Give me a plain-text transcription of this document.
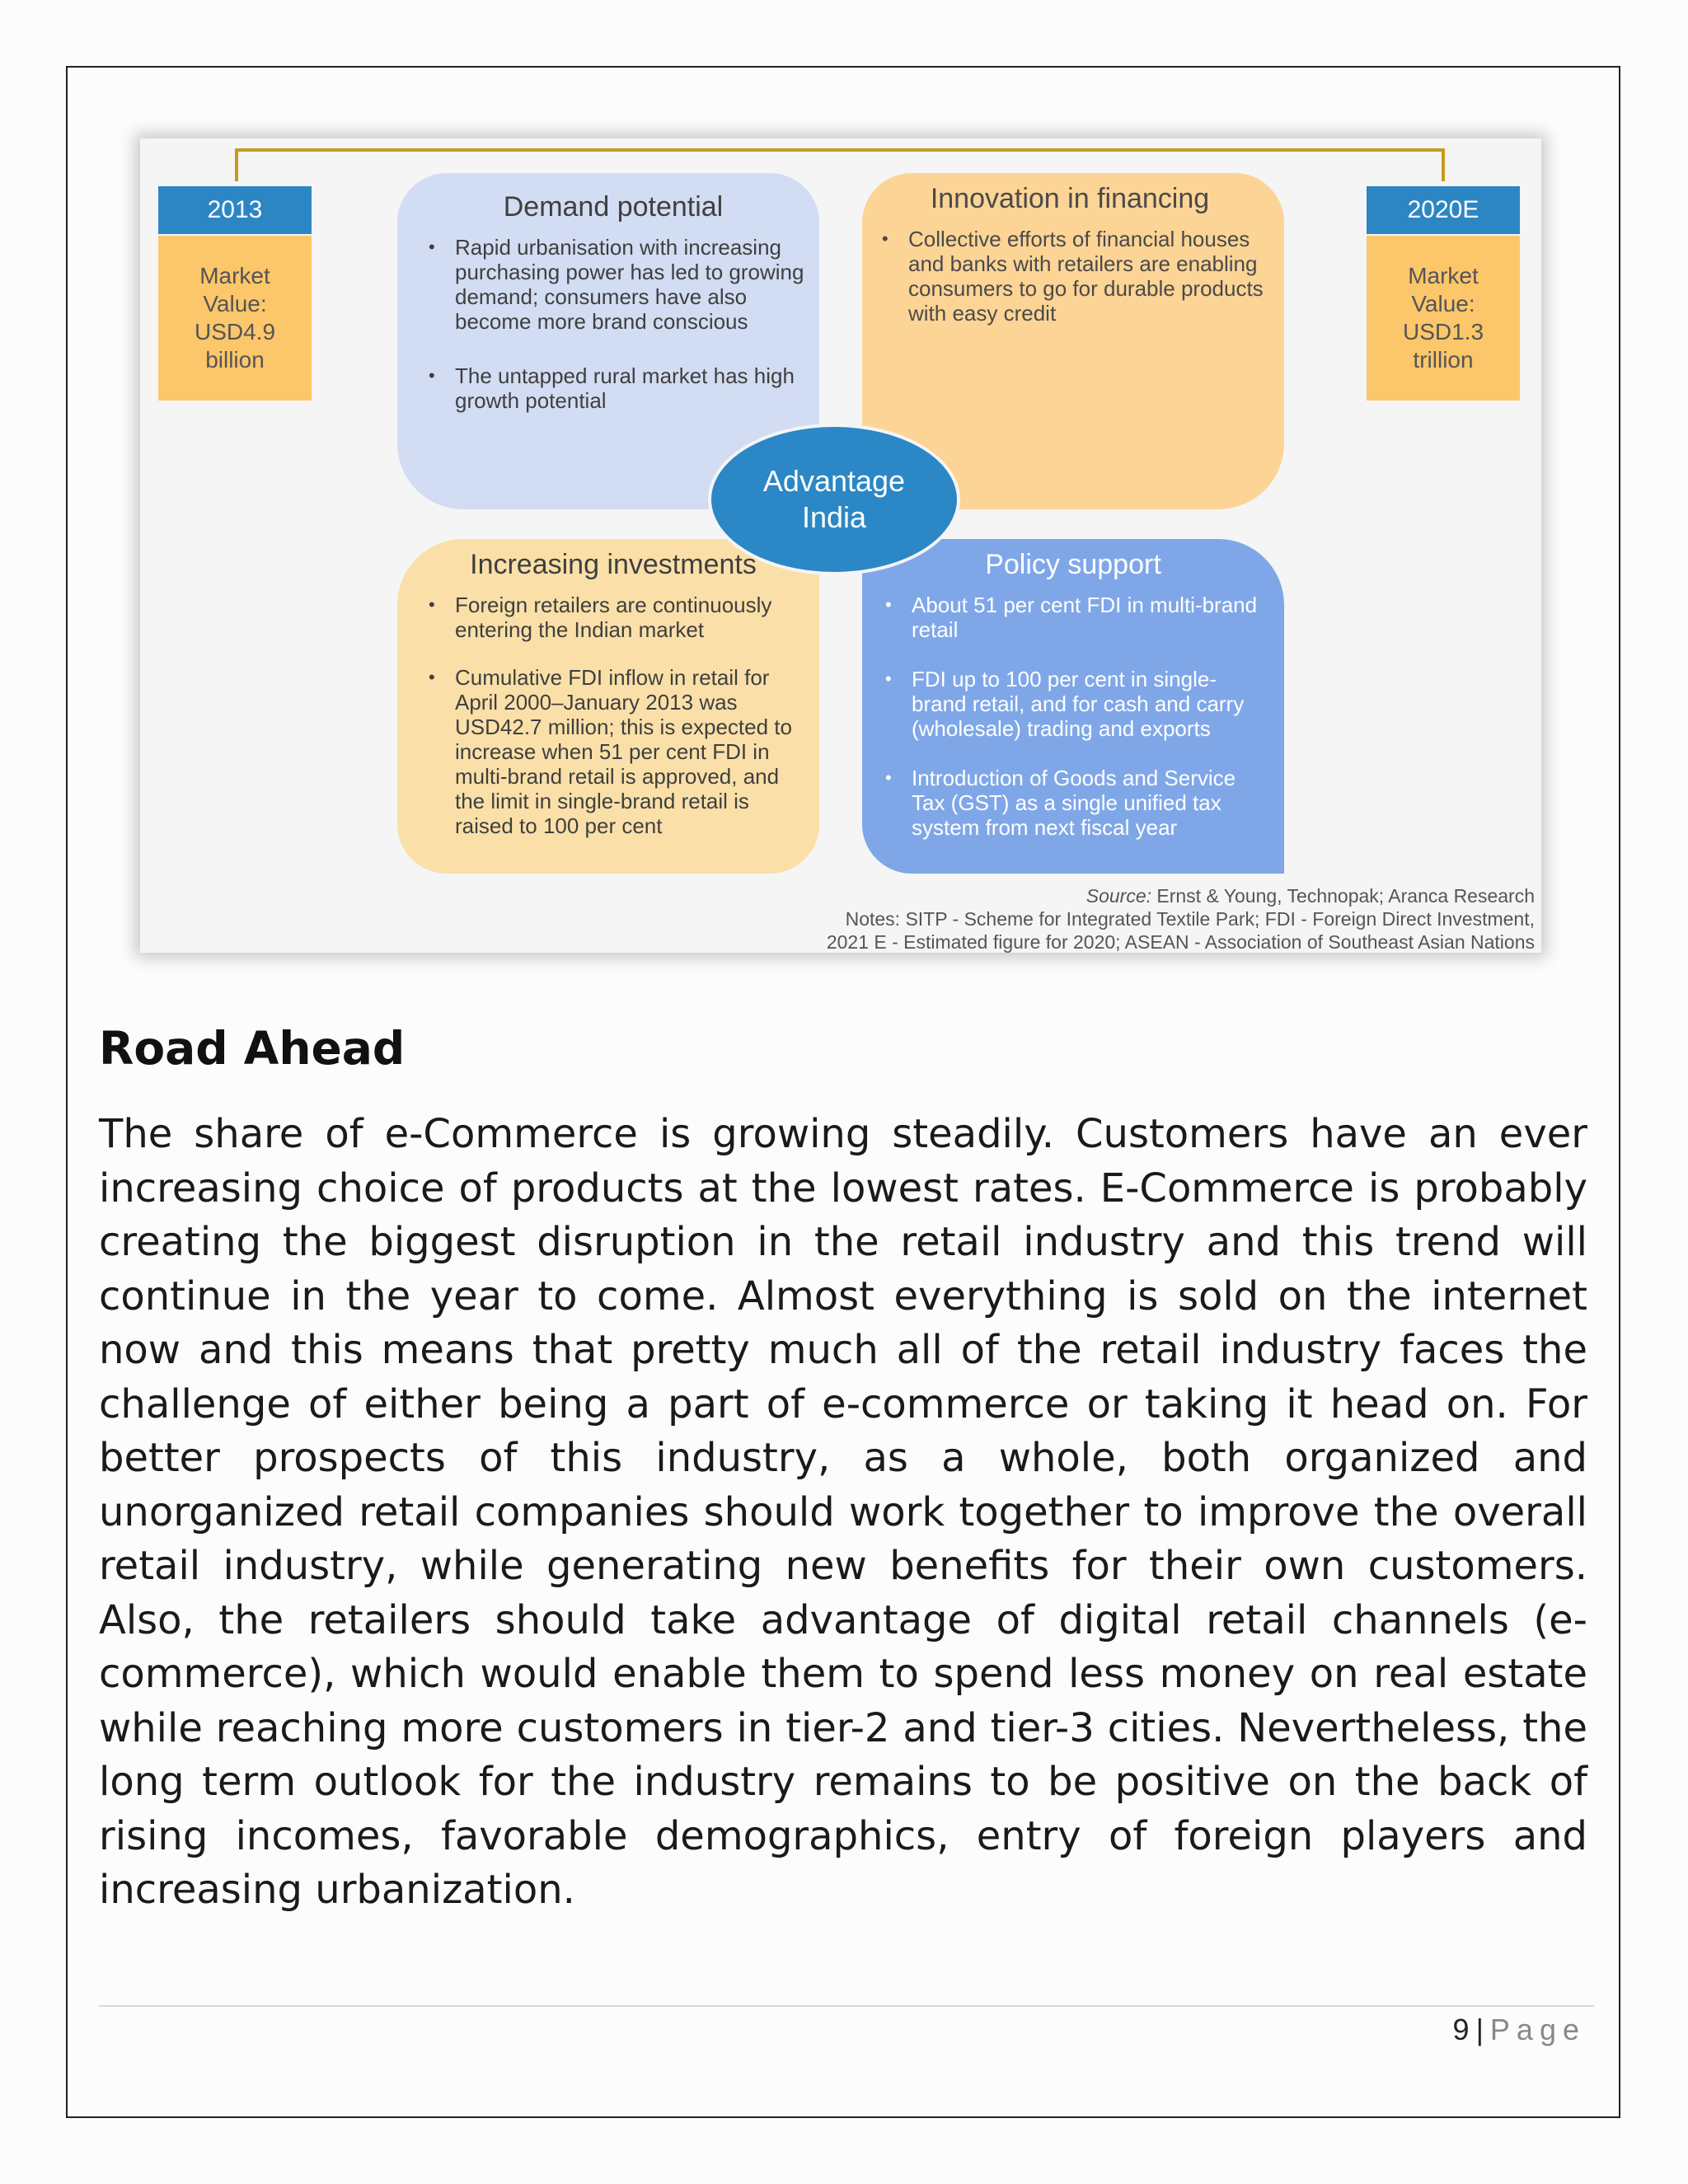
2013
Market
Value:
USD4.9
billion
2020E
Market
Value:
USD1.3
trillion
Demand potential
• Rapid urbanisation with increasing purchasing power has led to growing demand; consumers have also become more brand conscious
• The untapped rural market has high growth potential
Innovation in financing
• Collective efforts of financial houses and banks with retailers are enabling consumers to go for durable products with easy credit
Increasing investments
• Foreign retailers are continuously entering the Indian market
• Cumulative FDI inflow in retail for April 2000–January 2013 was USD42.7 million; this is expected to increase when 51 per cent FDI in multi-brand retail is approved, and the limit in single-brand retail is raised to 100 per cent
Policy support
• About 51 per cent FDI in multi-brand retail
• FDI up to 100 per cent in single-brand retail, and for cash and carry (wholesale) trading and exports
• Introduction of Goods and Service Tax (GST) as a single unified tax system from next fiscal year
Advantage
India
Source: Ernst & Young, Technopak; Aranca Research
Notes: SITP - Scheme for Integrated Textile Park; FDI - Foreign Direct Investment,
2021 E - Estimated figure for 2020; ASEAN - Association of Southeast Asian Nations
Road Ahead

The share of e-Commerce is growing steadily. Customers have an ever increasing choice of products at the lowest rates. E-Commerce is probably creating the biggest disruption in the retail industry and this trend will continue in the year to come. Almost everything is sold on the internet now and this means that pretty much all of the retail industry faces the challenge of either being a part of e-commerce or taking it head on. For better prospects of this industry, as a whole, both organized and unorganized retail companies should work together to improve the overall retail industry, while generating new benefits for their own customers. Also, the retailers should take advantage of digital retail channels (e-commerce), which would enable them to spend less money on real estate while reaching more customers in tier-2 and tier-3 cities. Nevertheless, the long term outlook for the industry remains to be positive on the back of rising incomes, favorable demographics, entry of foreign players and increasing urbanization.

9 | Page
